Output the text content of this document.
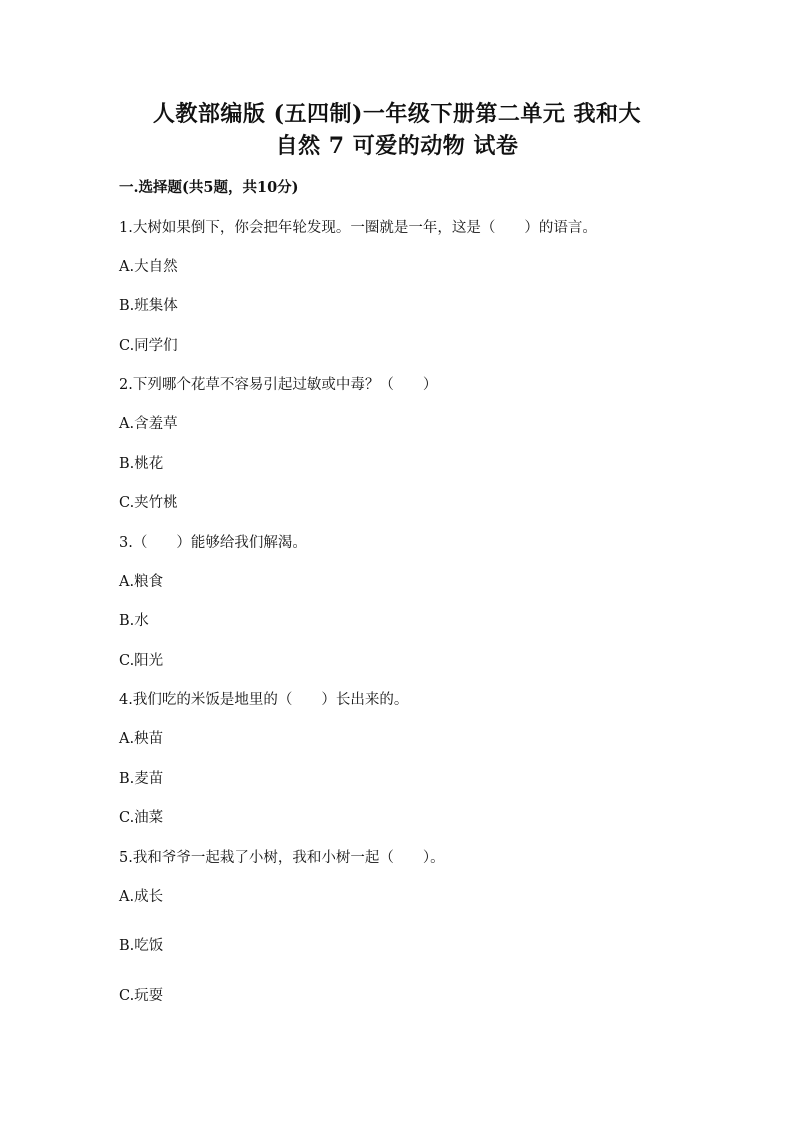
人教部编版 (五四制)一年级下册第二单元 我和大
自然 7 可爱的动物 试卷

一.选择题(共5题，共10分)

1.大树如果倒下，你会把年轮发现。一圈就是一年，这是（　　）的语言。

A.大自然

B.班集体

C.同学们

2.下列哪个花草不容易引起过敏或中毒？（　　）

A.含羞草

B.桃花

C.夹竹桃

3.（　　）能够给我们解渴。

A.粮食

B.水

C.阳光

4.我们吃的米饭是地里的（　　）长出来的。

A.秧苗

B.麦苗

C.油菜

5.我和爷爷一起栽了小树，我和小树一起（　　）。

A.成长

B.吃饭

C.玩耍
